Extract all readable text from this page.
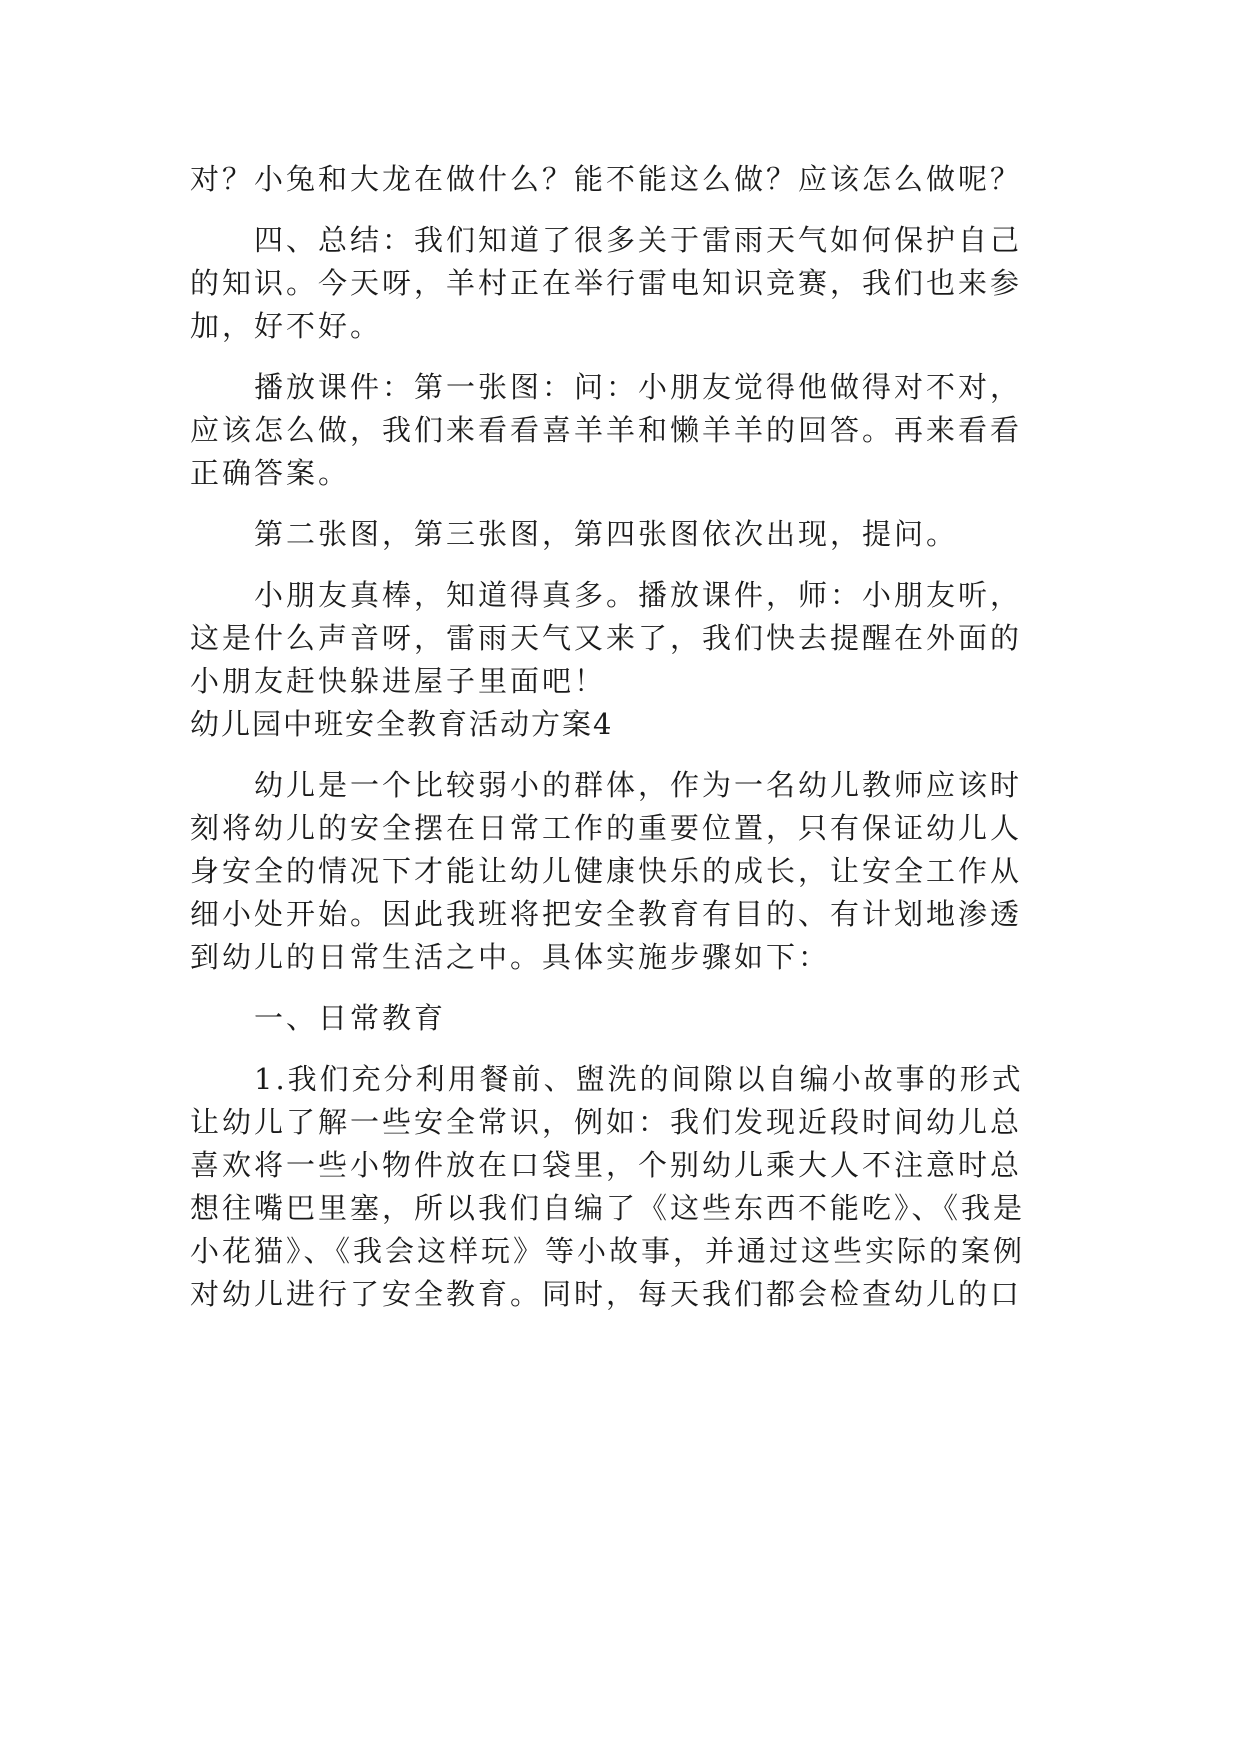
对？小兔和大龙在做什么？能不能这么做？应该怎么做呢？

四、总结：我们知道了很多关于雷雨天气如何保护自己

的知识。今天呀，羊村正在举行雷电知识竞赛，我们也来参

加，好不好。

播放课件：第一张图：问：小朋友觉得他做得对不对，

应该怎么做，我们来看看喜羊羊和懒羊羊的回答。再来看看

正确答案。

第二张图，第三张图，第四张图依次出现，提问。

小朋友真棒，知道得真多。播放课件，师：小朋友听，

这是什么声音呀，雷雨天气又来了，我们快去提醒在外面的

小朋友赶快躲进屋子里面吧！

幼儿园中班安全教育活动方案4

幼儿是一个比较弱小的群体，作为一名幼儿教师应该时

刻将幼儿的安全摆在日常工作的重要位置，只有保证幼儿人

身安全的情况下才能让幼儿健康快乐的成长，让安全工作从

细小处开始。因此我班将把安全教育有目的、有计划地渗透

到幼儿的日常生活之中。具体实施步骤如下：

一、日常教育

1.我们充分利用餐前、盥洗的间隙以自编小故事的形式

让幼儿了解一些安全常识，例如：我们发现近段时间幼儿总

喜欢将一些小物件放在口袋里，个别幼儿乘大人不注意时总

想往嘴巴里塞，所以我们自编了《这些东西不能吃》、《我是

小花猫》、《我会这样玩》等小故事，并通过这些实际的案例

对幼儿进行了安全教育。同时，每天我们都会检查幼儿的口
